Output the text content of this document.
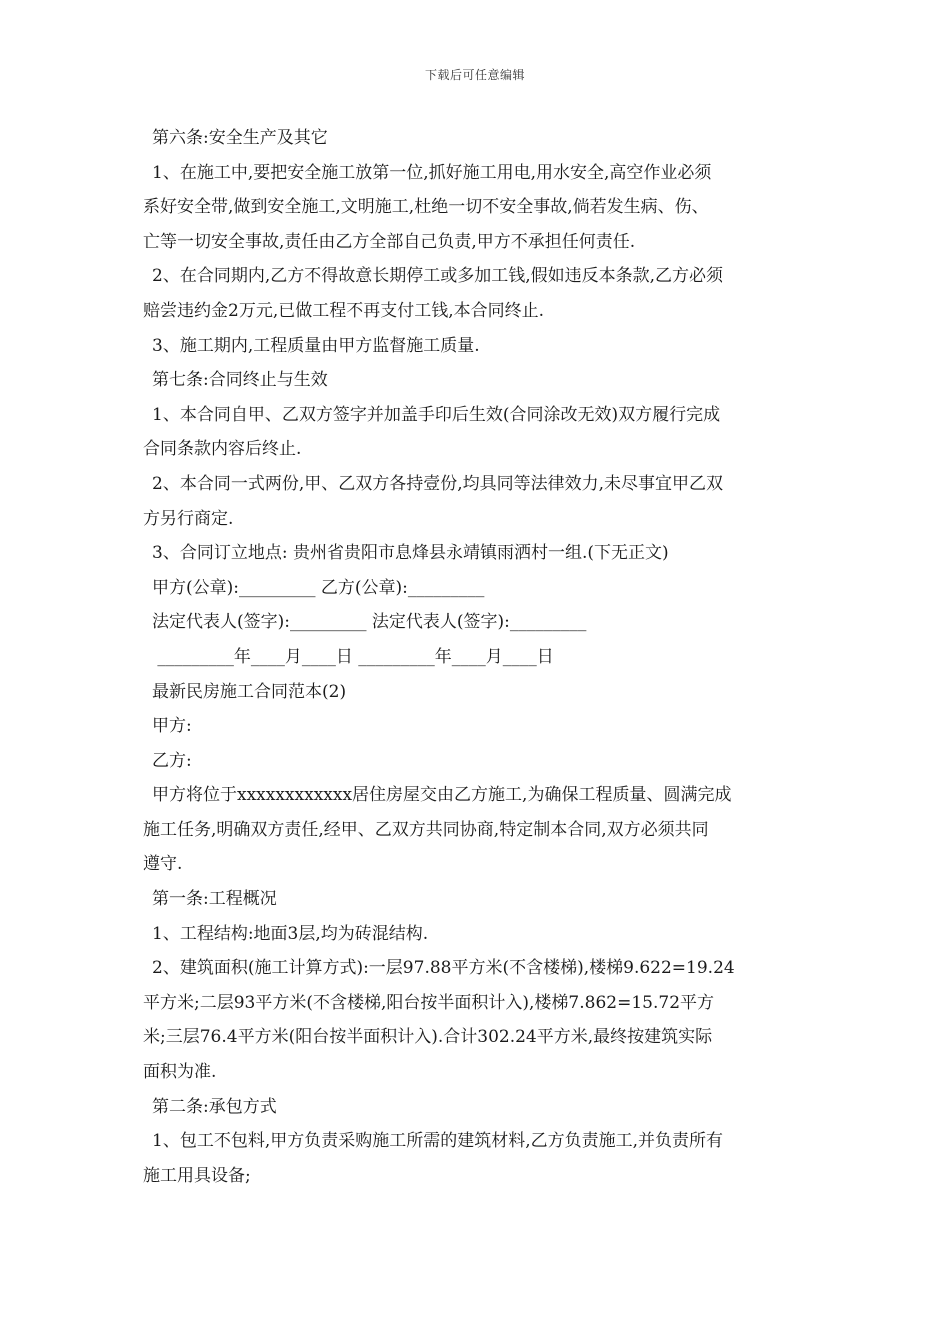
下载后可任意编辑
第六条:安全生产及其它
1、在施工中,要把安全施工放第一位,抓好施工用电,用水安全,高空作业必须
系好安全带,做到安全施工,文明施工,杜绝一切不安全事故,倘若发生病、伤、
亡等一切安全事故,责任由乙方全部自己负责,甲方不承担任何责任.
2、在合同期内,乙方不得故意长期停工或多加工钱,假如违反本条款,乙方必须
赔尝违约金2万元,已做工程不再支付工钱,本合同终止.
3、施工期内,工程质量由甲方监督施工质量.
第七条:合同终止与生效
1、本合同自甲、乙双方签字并加盖手印后生效(合同涂改无效)双方履行完成
合同条款内容后终止.
2、本合同一式两份,甲、乙双方各持壹份,均具同等法律效力,未尽事宜甲乙双
方另行商定.
3、合同订立地点: 贵州省贵阳市息烽县永靖镇雨洒村一组.(下无正文)
甲方(公章):_________ 乙方(公章):_________
法定代表人(签字):_________ 法定代表人(签字):_________
_________年____月____日 _________年____月____日
最新民房施工合同范本(2)
甲方:
乙方:
甲方将位于xxxxxxxxxxxx居住房屋交由乙方施工,为确保工程质量、圆满完成
施工任务,明确双方责任,经甲、乙双方共同协商,特定制本合同,双方必须共同
遵守.
第一条:工程概况
1、工程结构:地面3层,均为砖混结构.
2、建筑面积(施工计算方式):一层97.88平方米(不含楼梯),楼梯9.622=19.24
平方米;二层93平方米(不含楼梯,阳台按半面积计入),楼梯7.862=15.72平方
米;三层76.4平方米(阳台按半面积计入).合计302.24平方米,最终按建筑实际
面积为准.
第二条:承包方式
1、包工不包料,甲方负责采购施工所需的建筑材料,乙方负责施工,并负责所有
施工用具设备;
